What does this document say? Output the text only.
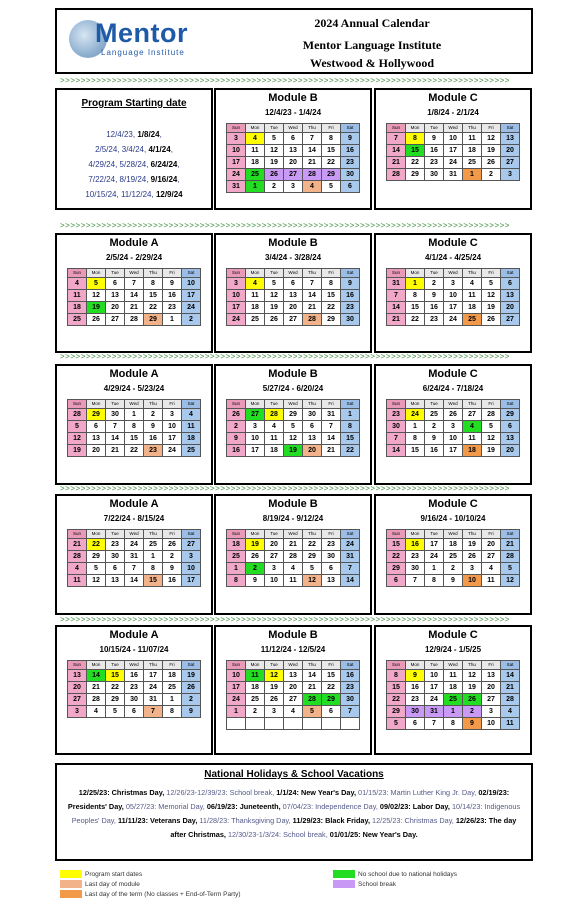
Mentor
Language Institute
2024 Annual Calendar
Mentor Language Institute
Westwood & Hollywood
>>>>>>>>>>>>>>>>>>>>>>>>>>>>>>>>>>>>>>>>>>>>>>>>>>>>>>>>>>>>>>>>>>>>>>>>>>>>>>>>>>>>>>>
>>>>>>>>>>>>>>>>>>>>>>>>>>>>>>>>>>>>>>>>>>>>>>>>>>>>>>>>>>>>>>>>>>>>>>>>>>>>>>>>>>>>>>>
>>>>>>>>>>>>>>>>>>>>>>>>>>>>>>>>>>>>>>>>>>>>>>>>>>>>>>>>>>>>>>>>>>>>>>>>>>>>>>>>>>>>>>>
>>>>>>>>>>>>>>>>>>>>>>>>>>>>>>>>>>>>>>>>>>>>>>>>>>>>>>>>>>>>>>>>>>>>>>>>>>>>>>>>>>>>>>>
>>>>>>>>>>>>>>>>>>>>>>>>>>>>>>>>>>>>>>>>>>>>>>>>>>>>>>>>>>>>>>>>>>>>>>>>>>>>>>>>>>>>>>>
Program Starting date
12/4/23, 1/8/24,
2/5/24, 3/4/24, 4/1/24,
4/29/24, 5/28/24, 6/24/24,
7/22/24, 8/19/24, 9/16/24,
10/15/24, 11/12/24, 12/9/24
Module B
12/4/23 - 1/4/24
Sun	Mon	Tue	Wed	Thu	Fri	Sat
3	4	5	6	7	8	9
10	11	12	13	14	15	16
17	18	19	20	21	22	23
24	25	26	27	28	29	30
31	1	2	3	4	5	6
Module C
1/8/24 - 2/1/24
Sun	Mon	Tue	Wed	Thu	Fri	Sat
7	8	9	10	11	12	13
14	15	16	17	18	19	20
21	22	23	24	25	26	27
28	29	30	31	1	2	3
Module A
2/5/24 - 2/29/24
Sun	Mon	Tue	Wed	Thu	Fri	Sat
4	5	6	7	8	9	10
11	12	13	14	15	16	17
18	19	20	21	22	23	24
25	26	27	28	29	1	2
Module B
3/4/24 - 3/28/24
Sun	Mon	Tue	Wed	Thu	Fri	Sat
3	4	5	6	7	8	9
10	11	12	13	14	15	16
17	18	19	20	21	22	23
24	25	26	27	28	29	30
Module C
4/1/24 - 4/25/24
Sun	Mon	Tue	Wed	Thu	Fri	Sat
31	1	2	3	4	5	6
7	8	9	10	11	12	13
14	15	16	17	18	19	20
21	22	23	24	25	26	27
Module A
4/29/24 - 5/23/24
Sun	Mon	Tue	Wed	Thu	Fri	Sat
28	29	30	1	2	3	4
5	6	7	8	9	10	11
12	13	14	15	16	17	18
19	20	21	22	23	24	25
Module B
5/27/24 - 6/20/24
Sun	Mon	Tue	Wed	Thu	Fri	Sat
26	27	28	29	30	31	1
2	3	4	5	6	7	8
9	10	11	12	13	14	15
16	17	18	19	20	21	22
Module C
6/24/24 - 7/18/24
Sun	Mon	Tue	Wed	Thu	Fri	Sat
23	24	25	26	27	28	29
30	1	2	3	4	5	6
7	8	9	10	11	12	13
14	15	16	17	18	19	20
Module A
7/22/24 - 8/15/24
Sun	Mon	Tue	Wed	Thu	Fri	Sat
21	22	23	24	25	26	27
28	29	30	31	1	2	3
4	5	6	7	8	9	10
11	12	13	14	15	16	17
Module B
8/19/24 - 9/12/24
Sun	Mon	Tue	Wed	Thu	Fri	Sat
18	19	20	21	22	23	24
25	26	27	28	29	30	31
1	2	3	4	5	6	7
8	9	10	11	12	13	14
Module C
9/16/24 - 10/10/24
Sun	Mon	Tue	Wed	Thu	Fri	Sat
15	16	17	18	19	20	21
22	23	24	25	26	27	28
29	30	1	2	3	4	5
6	7	8	9	10	11	12
Module A
10/15/24 - 11/07/24
Sun	Mon	Tue	Wed	Thu	Fri	Sat
13	14	15	16	17	18	19
20	21	22	23	24	25	26
27	28	29	30	31	1	2
3	4	5	6	7	8	9
Module B
11/12/24 - 12/5/24
Sun	Mon	Tue	Wed	Thu	Fri	Sat
10	11	12	13	14	15	16
17	18	19	20	21	22	23
24	25	26	27	28	29	30
1	2	3	4	5	6	7

Module C
12/9/24 - 1/5/25
Sun	Mon	Tue	Wed	Thu	Fri	Sat
8	9	10	11	12	13	14
15	16	17	18	19	20	21
22	23	24	25	26	27	28
29	30	31	1	2	3	4
5	6	7	8	9	10	11
National Holidays & School Vacations
12/25/23: Christmas Day, 12/26/23-12/39/23: School break, 1/1/24: New Year's Day, 01/15/23: Martin Luther King Jr. Day, 02/19/23: Presidents' Day, 05/27/23: Memorial Day, 06/19/23: Juneteenth, 07/04/23: Independence Day, 09/02/23: Labor Day, 10/14/23: Indigenous Peoples' Day, 11/11/23: Veterans Day, 11/28/23: Thanksgiving Day, 11/29/23: Black Friday, 12/25/23: Christmas Day, 12/26/23: The day after Christmas, 12/30/23-1/3/24: School break, 01/01/25: New Year's Day.
Program start dates
Last day of module
Last day of the term (No classes + End-of-Term Party)
No school due to national holidays
School break
